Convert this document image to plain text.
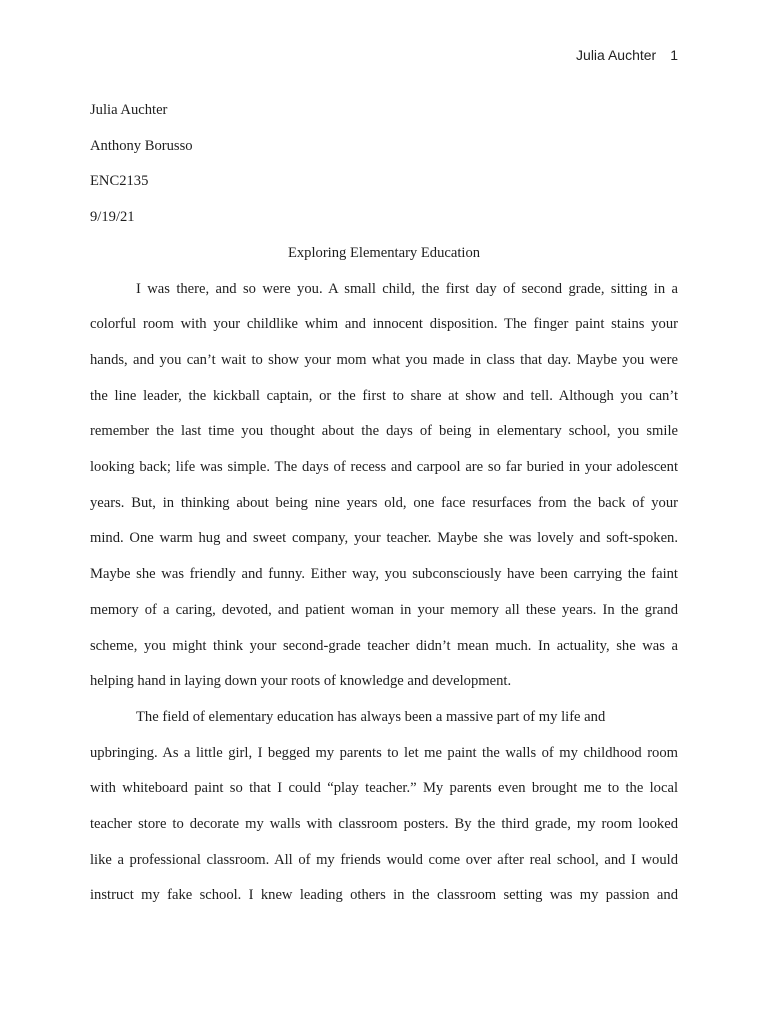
Julia Auchter 1

Julia Auchter

Anthony Borusso

ENC2135

9/19/21

Exploring Elementary Education

I was there, and so were you. A small child, the first day of second grade, sitting in a
colorful room with your childlike whim and innocent disposition. The finger paint stains your
hands, and you can’t wait to show your mom what you made in class that day. Maybe you were
the line leader, the kickball captain, or the first to share at show and tell. Although you can’t
remember the last time you thought about the days of being in elementary school, you smile
looking back; life was simple. The days of recess and carpool are so far buried in your adolescent
years. But, in thinking about being nine years old, one face resurfaces from the back of your
mind. One warm hug and sweet company, your teacher. Maybe she was lovely and soft-spoken.
Maybe she was friendly and funny. Either way, you subconsciously have been carrying the faint
memory of a caring, devoted, and patient woman in your memory all these years. In the grand
scheme, you might think your second-grade teacher didn’t mean much. In actuality, she was a
helping hand in laying down your roots of knowledge and development.
The field of elementary education has always been a massive part of my life and
upbringing. As a little girl, I begged my parents to let me paint the walls of my childhood room
with whiteboard paint so that I could “play teacher.” My parents even brought me to the local
teacher store to decorate my walls with classroom posters. By the third grade, my room looked
like a professional classroom. All of my friends would come over after real school, and I would
instruct my fake school. I knew leading others in the classroom setting was my passion and
